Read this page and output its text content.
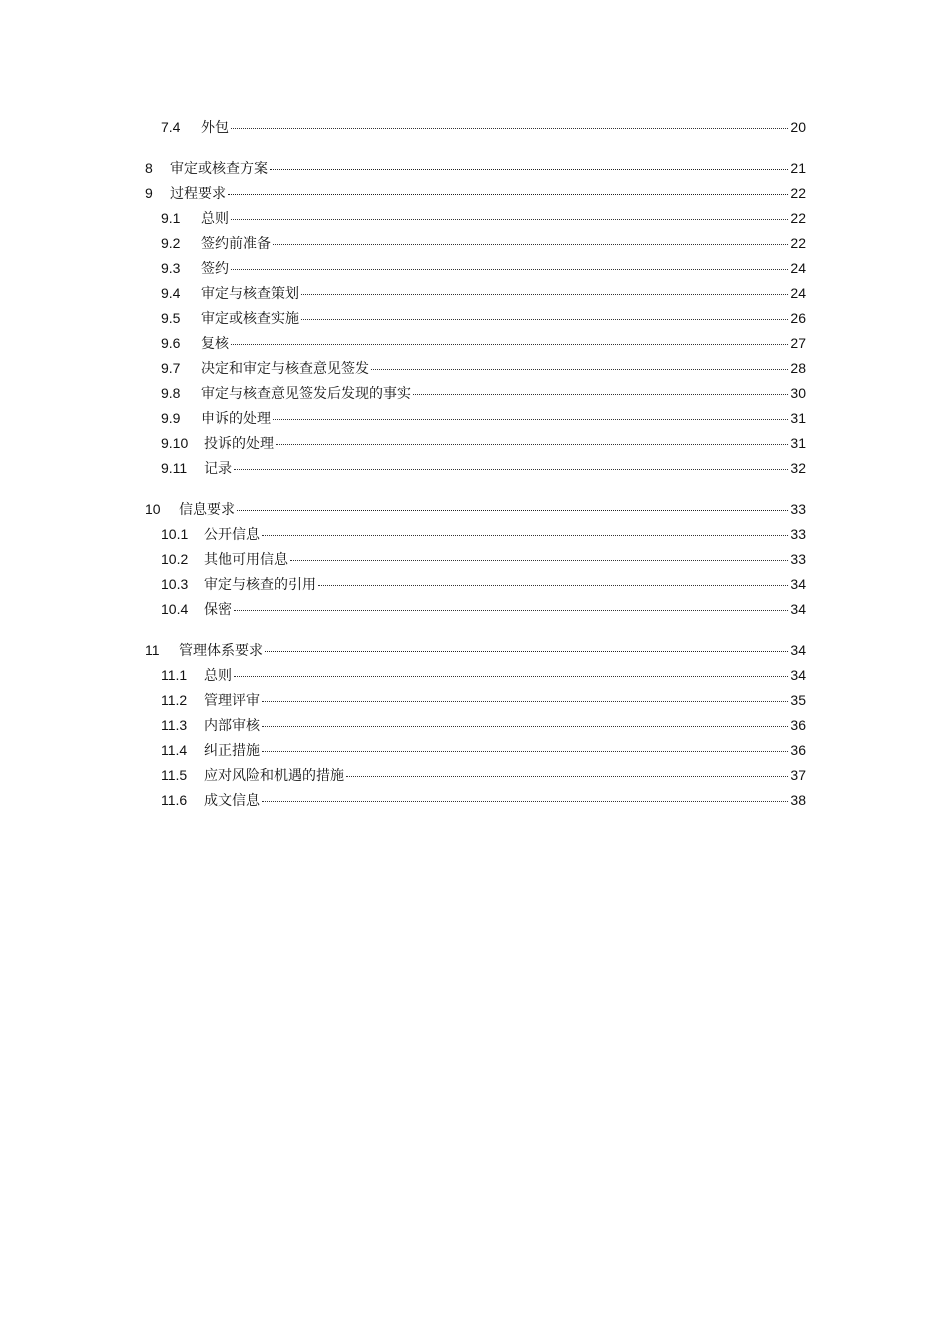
7.4	外包	20
8	审定或核查方案	21
9	过程要求	22
9.1	总则	22
9.2	签约前准备	22
9.3	签约	24
9.4	审定与核查策划	24
9.5	审定或核查实施	26
9.6	复核	27
9.7	决定和审定与核查意见签发	28
9.8	审定与核查意见签发后发现的事实	30
9.9	申诉的处理	31
9.10	投诉的处理	31
9.11	记录	32
10	信息要求	33
10.1	公开信息	33
10.2	其他可用信息	33
10.3	审定与核查的引用	34
10.4	保密	34
11	管理体系要求	34
11.1	总则	34
11.2	管理评审	35
11.3	内部审核	36
11.4	纠正措施	36
11.5	应对风险和机遇的措施	37
11.6	成文信息	38
